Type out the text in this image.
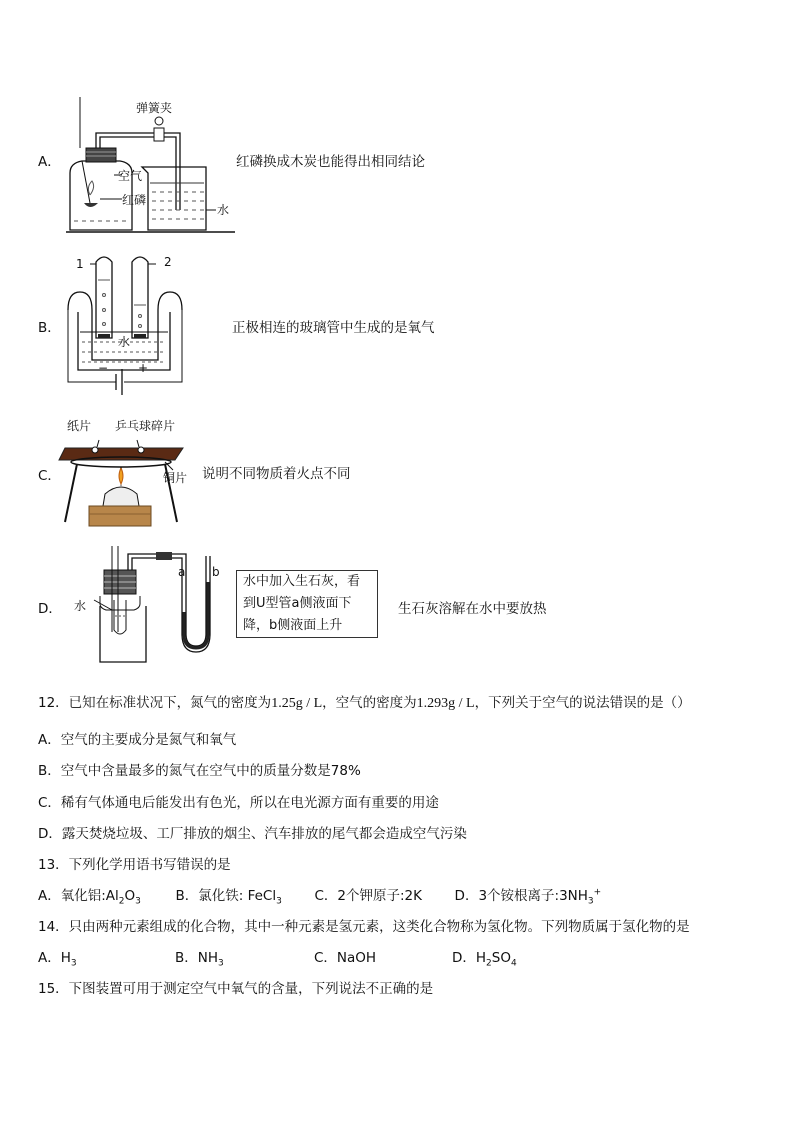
A．
弹簧夹
空气
红磷
水
红磷换成木炭也能得出相同结论
B．
1	2
水
− +
正极相连的玻璃管中生成的是氧气
C．
纸片 乒乓球碎片
铜片 说明不同物质着火点不同
D．
a b
水
水中加入生石灰，看
到U型管a侧液面下
降，b侧液面上升
生石灰溶解在水中要放热
12．已知在标准状况下，氮气的密度为1.25g / L，空气的密度为1.293g / L，下列关于空气的说法错误的是（）
A．空气的主要成分是氮气和氧气
B．空气中含量最多的氮气在空气中的质量分数是78%
C．稀有气体通电后能发出有色光，所以在电光源方面有重要的用途
D．露天焚烧垃圾、工厂排放的烟尘、汽车排放的尾气都会造成空气污染
13．下列化学用语书写错误的是
A．氧化铝$:Al_2O_3$	B．氯化铁: FeCl$_3$ C．2个钾原子:2K D．3个铵根离子$:3NH_3^+$
14．只由两种元素组成的化合物，其中一种元素是氢元素，这类化合物称为氢化物。下列物质属于氢化物的是
A．$H_3$	B．$NH_3$	C．NaOH	D．$H_2SO_4$
15．下图装置可用于测定空气中氧气的含量，下列说法不正确的是
